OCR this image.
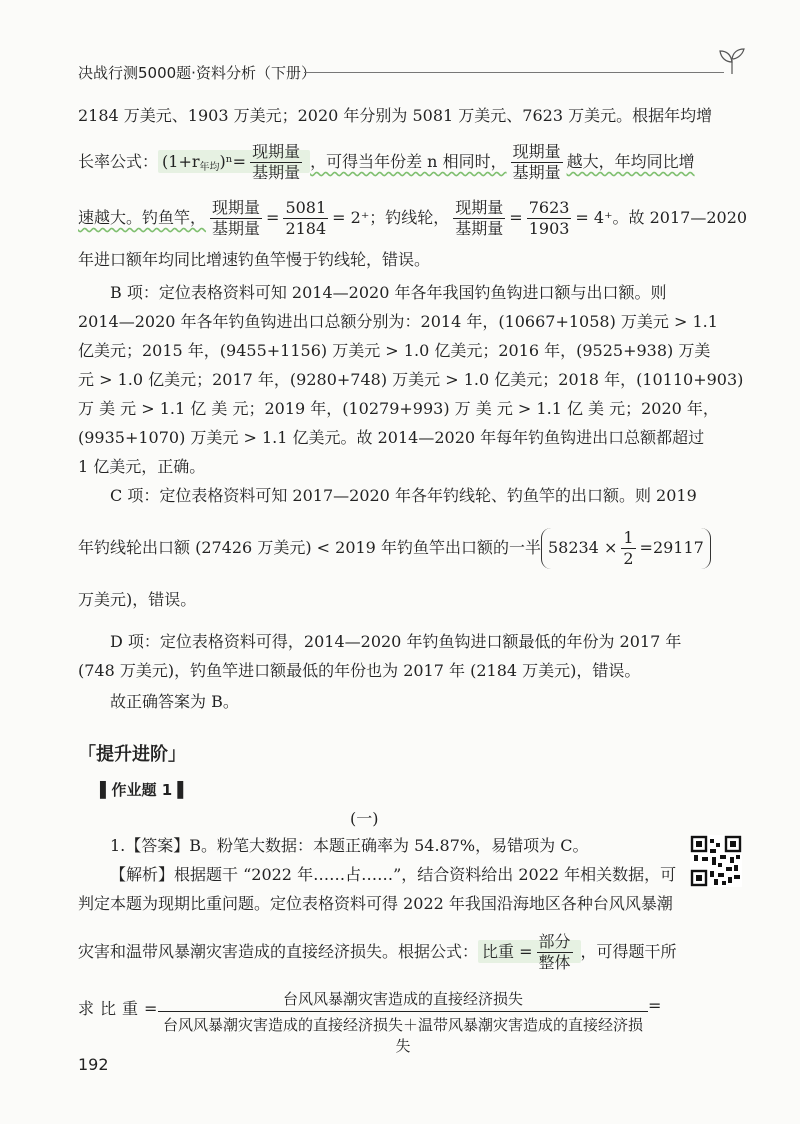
决战行测5000题·资料分析（下册）
2184 万美元、1903 万美元；2020 年分别为 5081 万美元、7623 万美元。根据年均增
长率公式： $(1+r_{年均})^n= \frac{\text{现期量}}{\text{基期量}}$ ，可得当年份差 n 相同时， $\frac{\text{现期量}}{\text{基期量}}$ 越大，年均同比增
速越大。钓鱼竿， $\frac{\text{现期量}}{\text{基期量}} = \frac{5081}{2184} = 2^+$；钓线轮， $\frac{\text{现期量}}{\text{基期量}} = \frac{7623}{1903} = 4^+$。故 2017—2020
年进口额年均同比增速钓鱼竿慢于钓线轮，错误。
B 项：定位表格资料可知 2014—2020 年各年我国钓鱼钩进口额与出口额。则
2014—2020 年各年钓鱼钩进出口总额分别为：2014 年，(10667+1058) 万美元 > 1.1
亿美元；2015 年，(9455+1156) 万美元 > 1.0 亿美元；2016 年，(9525+938) 万美
元 > 1.0 亿美元；2017 年，(9280+748) 万美元 > 1.0 亿美元；2018 年，(10110+903)
万 美 元 > 1.1 亿 美 元；2019 年，(10279+993) 万 美 元 > 1.1 亿 美 元；2020 年，
(9935+1070) 万美元 > 1.1 亿美元。故 2014—2020 年每年钓鱼钩进出口总额都超过
1 亿美元，正确。
C 项：定位表格资料可知 2017—2020 年各年钓线轮、钓鱼竿的出口额。则 2019
年钓线轮出口额 (27426 万美元) < 2019 年钓鱼竿出口额的一半 $58234 \times \frac{1}{2} =29117$
万美元)，错误。
D 项：定位表格资料可得，2014—2020 年钓鱼钩进口额最低的年份为 2017 年
(748 万美元)，钓鱼竿进口额最低的年份也为 2017 年 (2184 万美元)，错误。
故正确答案为 B。
「提升进阶」
▌作业题 1 ▌
(一)
1.【答案】B。粉笔大数据：本题正确率为 54.87%，易错项为 C。
【解析】根据题干 “2022 年……占……”，结合资料给出 2022 年相关数据，可
判定本题为现期比重问题。定位表格资料可得 2022 年我国沿海地区各种台风风暴潮
灾害和温带风暴潮灾害造成的直接经济损失。根据公式： 比重 = $\frac{\text{部分}}{\text{整体}}$ ，可得题干所
求比重=	台风风暴潮灾害造成的直接经济损失
台风风暴潮灾害造成的直接经济损失＋温带风暴潮灾害造成的直接经济损失
=
192
